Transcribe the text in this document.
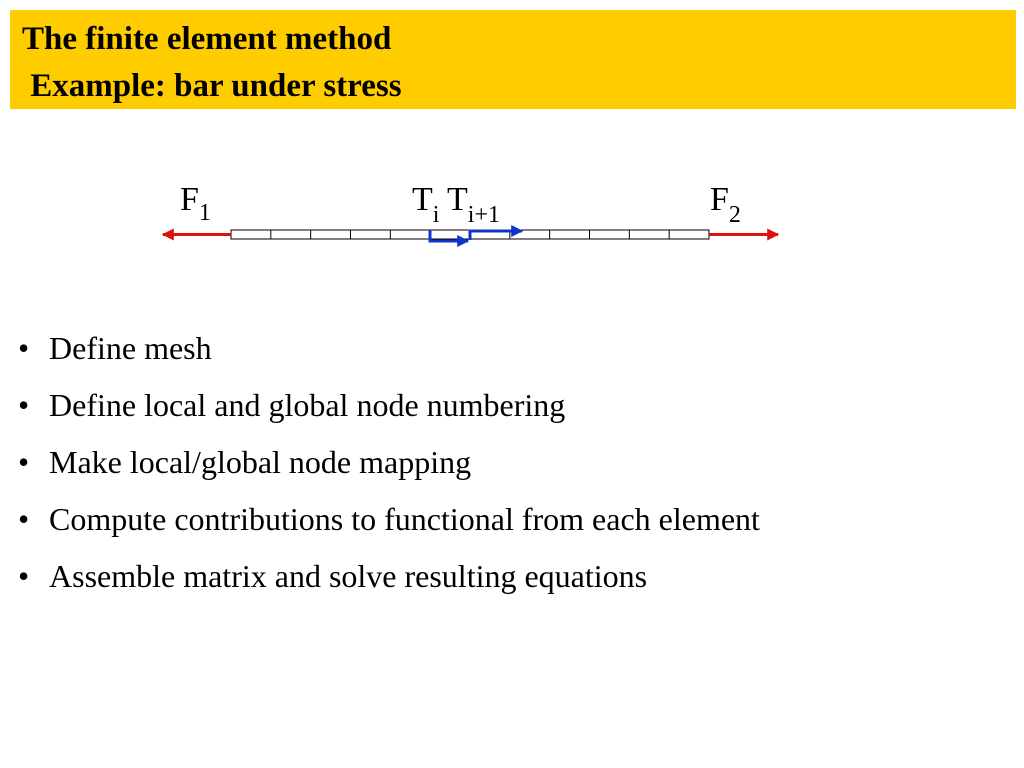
The finite element method
Example: bar under stress
$F_1$	$T_i$ $T_{i+1}$	$F_2$
• Define mesh
• Define local and global node numbering
• Make local/global node mapping
• Compute contributions to functional from each element
• Assemble matrix and solve resulting equations
